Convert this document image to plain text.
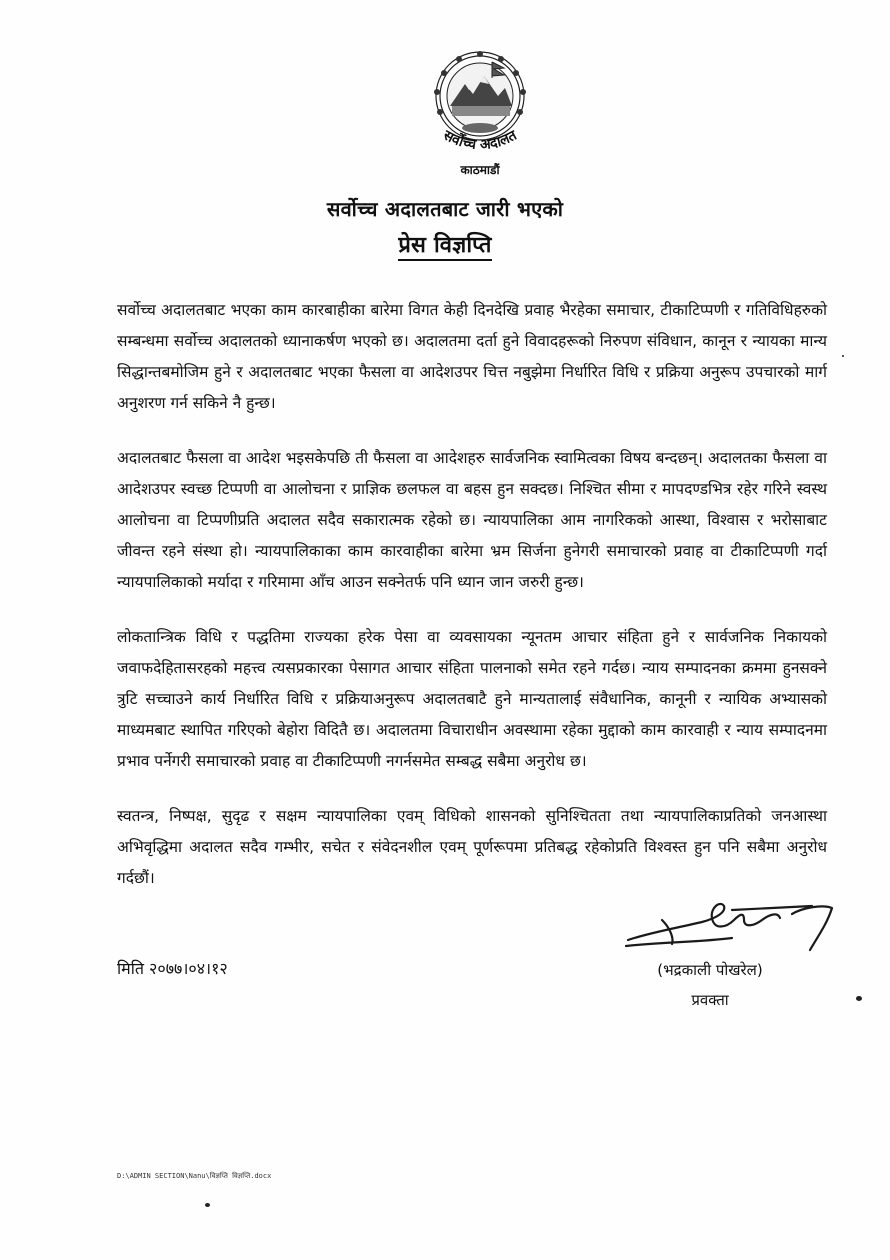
सर्वोच्च अदालत
काठमाडौं
सर्वोच्च अदालतबाट जारी भएको
प्रेस विज्ञप्ति

सर्वोच्च अदालतबाट भएका काम कारबाहीका बारेमा विगत केही दिनदेखि प्रवाह भैरहेका समाचार, टीकाटिप्पणी र गतिविधिहरुको सम्बन्धमा सर्वोच्च अदालतको ध्यानाकर्षण भएको छ। अदालतमा दर्ता हुने विवादहरूको निरुपण संविधान, कानून र न्यायका मान्य सिद्धान्तबमोजिम हुने र अदालतबाट भएका फैसला वा आदेशउपर चित्त नबुझेमा निर्धारित विधि र प्रक्रिया अनुरूप उपचारको मार्ग अनुशरण गर्न सकिने नै हुन्छ।

अदालतबाट फैसला वा आदेश भइसकेपछि ती फैसला वा आदेशहरु सार्वजनिक स्वामित्वका विषय बन्दछन्। अदालतका फैसला वा आदेशउपर स्वच्छ टिप्पणी वा आलोचना र प्राज्ञिक छलफल वा बहस हुन सक्दछ। निश्चित सीमा र मापदण्डभित्र रहेर गरिने स्वस्थ आलोचना वा टिप्पणीप्रति अदालत सदैव सकारात्मक रहेको छ। न्यायपालिका आम नागरिकको आस्था, विश्वास र भरोसाबाट जीवन्त रहने संस्था हो। न्यायपालिकाका काम कारवाहीका बारेमा भ्रम सिर्जना हुनेगरी समाचारको प्रवाह वा टीकाटिप्पणी गर्दा न्यायपालिकाको मर्यादा र गरिमामा आँच आउन सक्नेतर्फ पनि ध्यान जान जरुरी हुन्छ।

लोकतान्त्रिक विधि र पद्धतिमा राज्यका हरेक पेसा वा व्यवसायका न्यूनतम आचार संहिता हुने र सार्वजनिक निकायको जवाफदेहितासरहको महत्त्व त्यसप्रकारका पेसागत आचार संहिता पालनाको समेत रहने गर्दछ। न्याय सम्पादनका क्रममा हुनसक्ने त्रुटि सच्चाउने कार्य निर्धारित विधि र प्रक्रियाअनुरूप अदालतबाटै हुने मान्यतालाई संवैधानिक, कानूनी र न्यायिक अभ्यासको माध्यमबाट स्थापित गरिएको बेहोरा विदितै छ। अदालतमा विचाराधीन अवस्थामा रहेका मुद्दाको काम कारवाही र न्याय सम्पादनमा प्रभाव पर्नेगरी समाचारको प्रवाह वा टीकाटिप्पणी नगर्नसमेत सम्बद्ध सबैमा अनुरोध छ।

स्वतन्त्र, निष्पक्ष, सुदृढ र सक्षम न्यायपालिका एवम् विधिको शासनको सुनिश्चितता तथा न्यायपालिकाप्रतिको जनआस्था अभिवृद्धिमा अदालत सदैव गम्भीर, सचेत र संवेदनशील एवम् पूर्णरूपमा प्रतिबद्ध रहेकोप्रति विश्वस्त हुन पनि सबैमा अनुरोध गर्दछौं।

मिति २०७७।०४।१२	(भद्रकाली पोखरेल)
प्रवक्ता
D:\ADMIN SECTION\Nanu\विज्ञप्ति विज्ञप्ति.docx
